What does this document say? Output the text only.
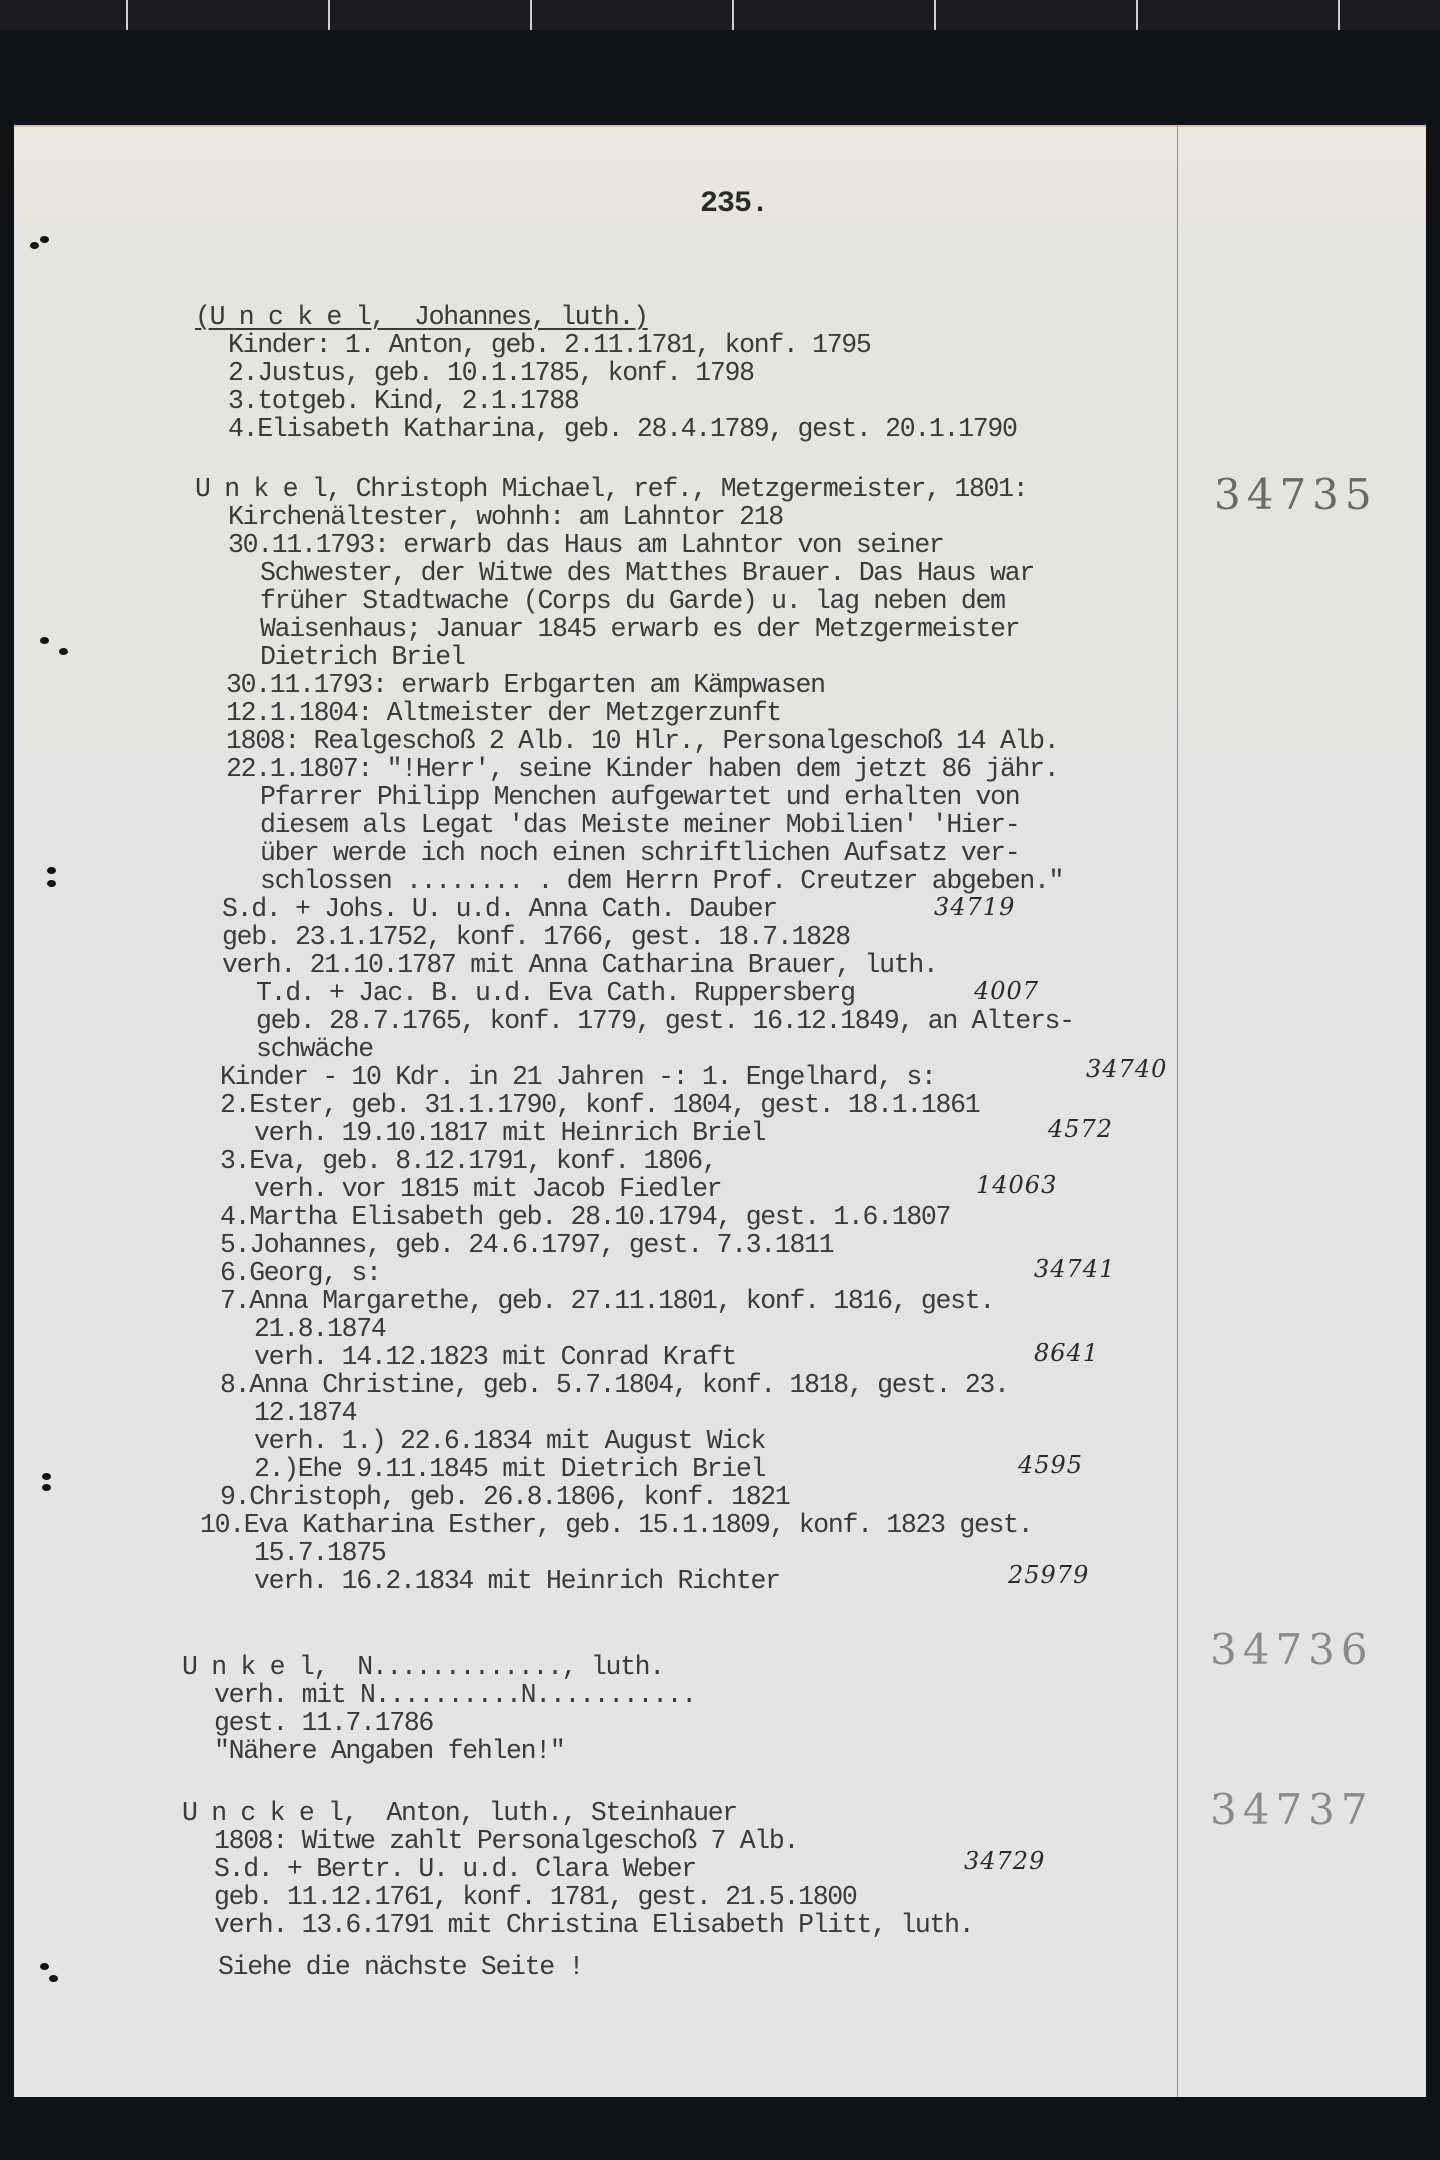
235.
(U n c k e l,  Johannes, luth.)
Kinder: 1. Anton, geb. 2.11.1781, konf. 1795
2.Justus, geb. 10.1.1785, konf. 1798
3.totgeb. Kind, 2.1.1788
4.Elisabeth Katharina, geb. 28.4.1789, gest. 20.1.1790
34735
U n k e l, Christoph Michael, ref., Metzgermeister, 1801:
Kirchenältester, wohnh: am Lahntor 218
30.11.1793: erwarb das Haus am Lahntor von seiner
Schwester, der Witwe des Matthes Brauer. Das Haus war
früher Stadtwache (Corps du Garde) u. lag neben dem
Waisenhaus; Januar 1845 erwarb es der Metzgermeister
Dietrich Briel
30.11.1793: erwarb Erbgarten am Kämpwasen
12.1.1804: Altmeister der Metzgerzunft
1808: Realgeschoß 2 Alb. 10 Hlr., Personalgeschoß 14 Alb.
22.1.1807: "!Herr', seine Kinder haben dem jetzt 86 jähr.
Pfarrer Philipp Menchen aufgewartet und erhalten von
diesem als Legat 'das Meiste meiner Mobilien' 'Hier-
über werde ich noch einen schriftlichen Aufsatz ver-
schlossen ........ . dem Herrn Prof. Creutzer abgeben."
S.d. + Johs. U. u.d. Anna Cath. Dauber	34719
geb. 23.1.1752, konf. 1766, gest. 18.7.1828
verh. 21.10.1787 mit Anna Catharina Brauer, luth.
T.d. + Jac. B. u.d. Eva Cath. Ruppersberg	4007
geb. 28.7.1765, konf. 1779, gest. 16.12.1849, an Alters-
schwäche
Kinder - 10 Kdr. in 21 Jahren -: 1. Engelhard, s:	34740
2.Ester, geb. 31.1.1790, konf. 1804, gest. 18.1.1861
verh. 19.10.1817 mit Heinrich Briel	4572
3.Eva, geb. 8.12.1791, konf. 1806,
verh. vor 1815 mit Jacob Fiedler	14063
4.Martha Elisabeth geb. 28.10.1794, gest. 1.6.1807
5.Johannes, geb. 24.6.1797, gest. 7.3.1811
6.Georg, s:	34741
7.Anna Margarethe, geb. 27.11.1801, konf. 1816, gest.
21.8.1874
verh. 14.12.1823 mit Conrad Kraft	8641
8.Anna Christine, geb. 5.7.1804, konf. 1818, gest. 23.
12.1874
verh. 1.) 22.6.1834 mit August Wick
2.)Ehe 9.11.1845 mit Dietrich Briel	4595
9.Christoph, geb. 26.8.1806, konf. 1821
10.Eva Katharina Esther, geb. 15.1.1809, konf. 1823 gest.
15.7.1875
verh. 16.2.1834 mit Heinrich Richter	25979
34736
U n k e l,  N............., luth.
verh. mit N..........N...........
gest. 11.7.1786
"Nähere Angaben fehlen!"
34737
U n c k e l,  Anton, luth., Steinhauer
1808: Witwe zahlt Personalgeschoß 7 Alb.
S.d. + Bertr. U. u.d. Clara Weber	34729
geb. 11.12.1761, konf. 1781, gest. 21.5.1800
verh. 13.6.1791 mit Christina Elisabeth Plitt, luth.
Siehe die nächste Seite !
